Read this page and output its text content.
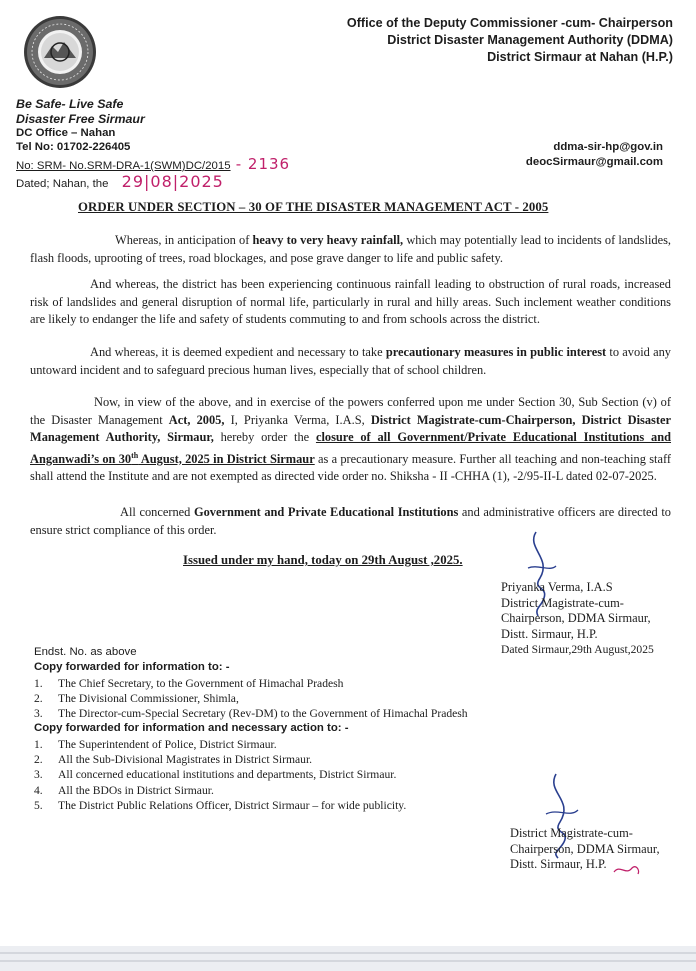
Office of the Deputy Commissioner -cum- Chairperson
District Disaster Management Authority (DDMA)
District Sirmaur at Nahan (H.P.)
Be Safe- Live Safe
Disaster Free Sirmaur
DC Office – Nahan
Tel No: 01702-226405	ddma-sir-hp@gov.in
deocSirmaur@gmail.com
No: SRM- No.SRM-DRA-1(SWM)DC/2015 - 2136
Dated; Nahan, the 29|08|2025
ORDER UNDER SECTION – 30 OF THE DISASTER MANAGEMENT ACT - 2005
Whereas, in anticipation of heavy to very heavy rainfall, which may potentially lead to incidents of landslides, flash floods, uprooting of trees, road blockages, and pose grave danger to life and public safety.
And whereas, the district has been experiencing continuous rainfall leading to obstruction of rural roads, increased risk of landslides and general disruption of normal life, particularly in rural and hilly areas. Such inclement weather conditions are likely to endanger the life and safety of students commuting to and from schools across the district.
And whereas, it is deemed expedient and necessary to take precautionary measures in public interest to avoid any untoward incident and to safeguard precious human lives, especially that of school children.
Now, in view of the above, and in exercise of the powers conferred upon me under Section 30, Sub Section (v) of the Disaster Management Act, 2005, I, Priyanka Verma, I.A.S, District Magistrate-cum-Chairperson, District Disaster Management Authority, Sirmaur, hereby order the closure of all Government/Private Educational Institutions and Anganwadi’s on 30th August, 2025 in District Sirmaur as a precautionary measure. Further all teaching and non-teaching staff shall attend the Institute and are not exempted as directed vide order no. Shiksha - II -CHHA (1), -2/95-II-L dated 02-07-2025.
All concerned Government and Private Educational Institutions and administrative officers are directed to ensure strict compliance of this order.
Issued under my hand, today on 29th August ,2025.
Priyanka Verma, I.A.S
District Magistrate-cum-
Chairperson, DDMA Sirmaur,
Distt. Sirmaur, H.P.
Dated Sirmaur,29th August,2025
Endst. No. as above
Copy forwarded for information to: -
1. The Chief Secretary, to the Government of Himachal Pradesh
2. The Divisional Commissioner, Shimla,
3. The Director-cum-Special Secretary (Rev-DM) to the Government of Himachal Pradesh
Copy forwarded for information and necessary action to: -
1. The Superintendent of Police, District Sirmaur.
2. All the Sub-Divisional Magistrates in District Sirmaur.
3. All concerned educational institutions and departments, District Sirmaur.
4. All the BDOs in District Sirmaur.
5. The District Public Relations Officer, District Sirmaur – for wide publicity.
District Magistrate-cum-
Chairperson, DDMA Sirmaur,
Distt. Sirmaur, H.P.
